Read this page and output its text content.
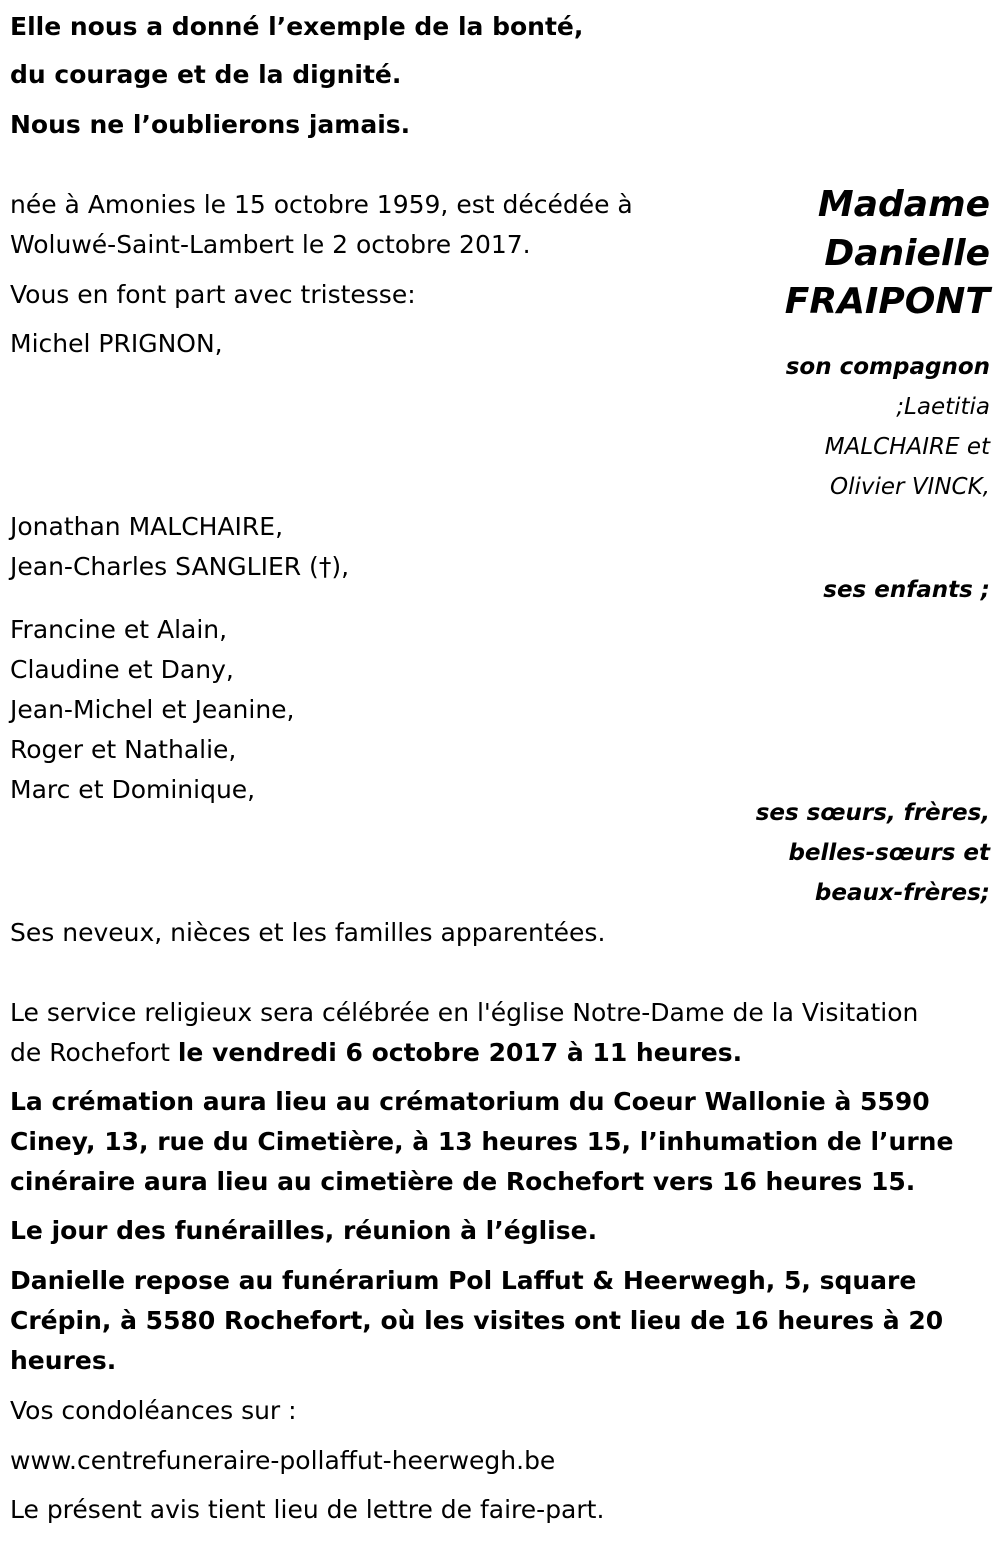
Elle nous a donné l’exemple de la bonté,
du courage et de la dignité.
Nous ne l’oublierons jamais.
Madame
Danielle
FRAIPONT
née à Amonies le 15 octobre 1959, est décédée à
Woluwé-Saint-Lambert le 2 octobre 2017.
Vous en font part avec tristesse:
Michel PRIGNON,
son compagnon
;Laetitia
MALCHAIRE et
Olivier VINCK,
Jonathan MALCHAIRE,
Jean-Charles SANGLIER (†),
ses enfants ;
Francine et Alain,
Claudine et Dany,
Jean-Michel et Jeanine,
Roger et Nathalie,
Marc et Dominique,
ses sœurs, frères,
belles-sœurs et
beaux-frères;
Ses neveux, nièces et les familles apparentées.
Le service religieux sera célébrée en l'église Notre-Dame de la Visitation
de Rochefort le vendredi 6 octobre 2017 à 11 heures.
La crémation aura lieu au crématorium du Coeur Wallonie à 5590
Ciney, 13, rue du Cimetière, à 13 heures 15, l’inhumation de l’urne
cinéraire aura lieu au cimetière de Rochefort vers 16 heures 15.
Le jour des funérailles, réunion à l’église.
Danielle repose au funérarium Pol Laffut & Heerwegh, 5, square
Crépin, à 5580 Rochefort, où les visites ont lieu de 16 heures à 20
heures.
Vos condoléances sur :
www.centrefuneraire-pollaffut-heerwegh.be
Le présent avis tient lieu de lettre de faire-part.
